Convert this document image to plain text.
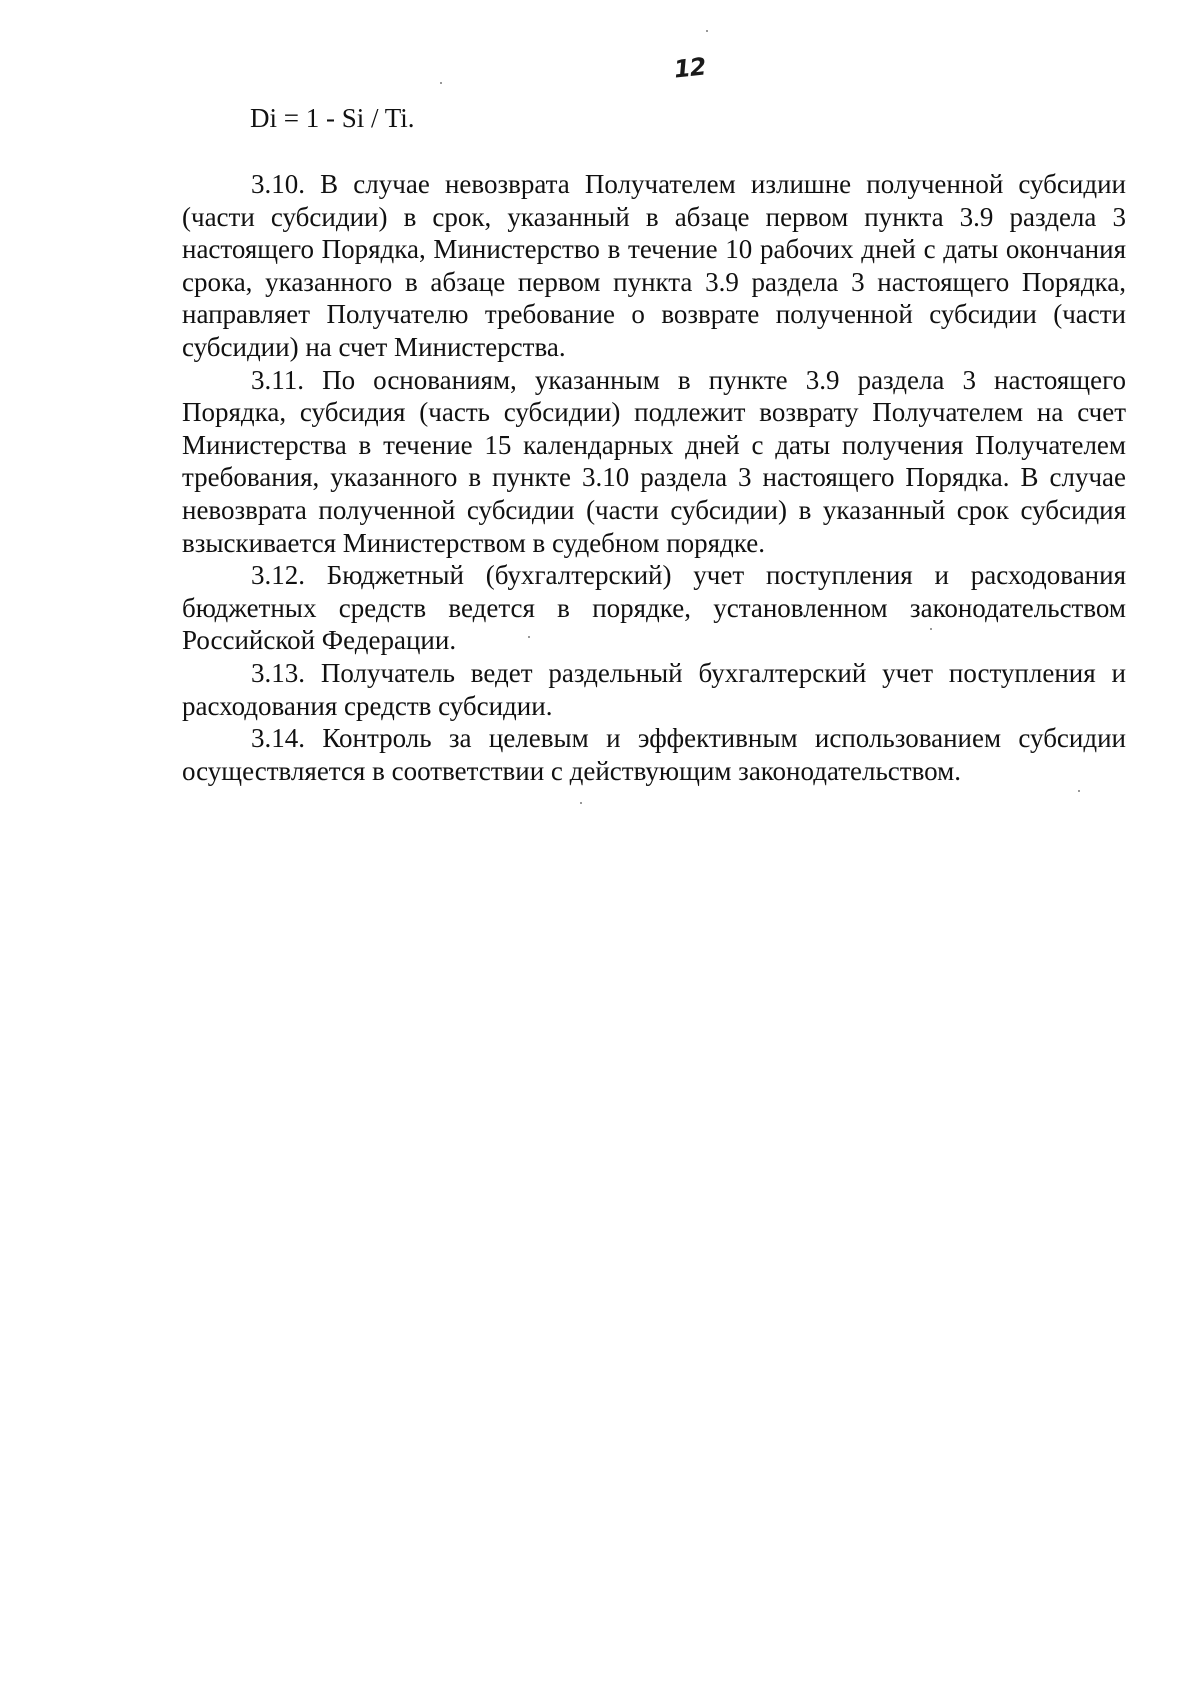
12
Di = 1 - Si / Ti.

3.10. В случае невозврата Получателем излишне полученной субсидии (части субсидии) в срок, указанный в абзаце первом пункта 3.9 раздела 3 настоящего Порядка, Министерство в течение 10 рабочих дней с даты окончания срока, указанного в абзаце первом пункта 3.9 раздела 3 настоящего Порядка, направляет Получателю требование о возврате полученной субсидии (части субсидии) на счет Министерства.

3.11. По основаниям, указанным в пункте 3.9 раздела 3 настоящего Порядка, субсидия (часть субсидии) подлежит возврату Получателем на счет Министерства в течение 15 календарных дней с даты получения Получателем требования, указанного в пункте 3.10 раздела 3 настоящего Порядка. В случае невозврата полученной субсидии (части субсидии) в указанный срок субсидия взыскивается Министерством в судебном порядке.

3.12. Бюджетный (бухгалтерский) учет поступления и расходования бюджетных средств ведется в порядке, установленном законодательством Российской Федерации.

3.13. Получатель ведет раздельный бухгалтерский учет поступления и расходования средств субсидии.

3.14. Контроль за целевым и эффективным использованием субсидии осуществляется в соответствии с действующим законодательством.
